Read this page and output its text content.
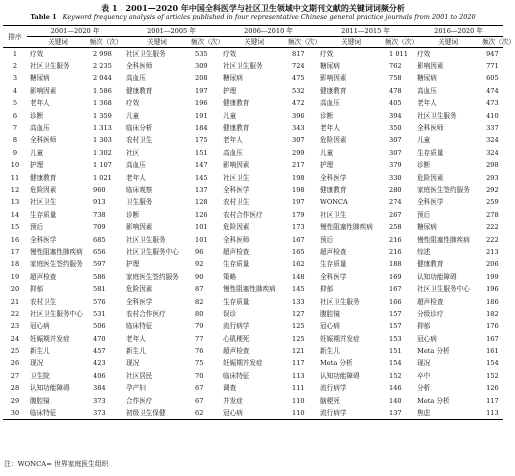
表 1　2001—2020 年中国全科医学与社区卫生领域中文期刊文献的关键词词频分析
Table 1 Keyword frequency analysis of articles published in four representative Chinese general practice journals from 2001 to 2020
排序	2001—2020 年		2001—2005 年		2006—2010 年		2011—2015 年		2016—2020 年	
	关键词	频次（次）	关键词	频次（次）	关键词	频次（次）	关键词	频次（次）	关键词	频次（次）
1	疗效	2 998	社区卫生服务	535	疗效	817	疗效	1 011	疗效	947
2	社区卫生服务	2 235	全科医师	309	社区卫生服务	724	糖尿病	762	影响因素	771
3	糖尿病	2 044	高血压	208	糖尿病	475	影响因素	758	糖尿病	605
4	影响因素	1 586	健康教育	197	护理	532	健康教育	478	高血压	474
5	老年人	1 368	疗效	196	健康教育	472	高血压	405	老年人	473
6	诊断	1 359	儿童	191	儿童	396	诊断	394	社区卫生服务	410
7	高血压	1 313	临床分析	184	健康教育	343	老年人	350	全科医师	337
8	全科医师	1 303	农村卫生	175	老年人	307	危险因素	307	儿童	324
9	儿童	1 302	社区	151	高血压	299	儿童	307	生存质量	324
10	护理	1 107	高血压	147	影响因素	217	护理	379	诊断	298
11	健康教育	1 021	老年人	145	社区卫生	198	全科医学	330	危险因素	293
12	危险因素	960	临床观察	137	全科医学	198	健康教育	280	家庭医生签约服务	292
13	社区卫生	913	卫生服务	128	农村卫生	197	WONCA	274	全科医学	259
14	生存质量	738	诊断	126	农村合作医疗	179	社区卫生	267	预后	278
15	预后	709	影响因素	101	危险因素	173	慢性阻塞性肺疾病	258	糖尿病	222
16	全科医学	685	社区卫生服务	101	全科医师	167	预后	216	慢性阻塞性肺疾病	222
17	慢性阻塞性肺疾病	656	社区卫生服务中心	96	超声检查	165	超声检查	216	综述	213
18	家庭医生签约服务	597	护理	92	生存质量	162	生存质量	188	健康教育	206
19	超声检查	586	家庭医生签约服务	90	策略	148	全科医学	169	认知功能障碍	199
20	抑郁	581	危险因素	87	慢性阻塞性肺疾病	145	抑郁	167	社区卫生服务中心	196
21	农村卫生	576	全科医学	82	生存质量	133	社区卫生服务	166	超声检查	186
22	社区卫生服务中心	531	农村合作医疗	80	误诊	127	腹腔镜	157	分级诊疗	182
23	冠心病	506	临床特征	79	流行病学	125	冠心病	157	抑郁	176
24	妊娠期并发症	470	老年人	77	心肌梗死	125	妊娠期并发症	153	冠心病	167
25	新生儿	457	新生儿	76	超声检查	121	新生儿	151	Meta 分析	161
26	现况	423	现况	75	妊娠期并发症	117	Meta 分析	154	现况	154
27	卫生院	406	社区居民	70	临床特征	113	认知功能障碍	152	卒中	152
28	认知功能障碍	384	孕产妇	67	调查	111	流行病学	146	分析	126
29	腹腔镜	373	合作医疗	67	并发症	110	脑梗死	140	Meta 分析	117
30	临床特征	373	初级卫生保健	62	冠心病	110	流行病学	137	焦虑	113
注：WONCA= 世界家庭医生组织
